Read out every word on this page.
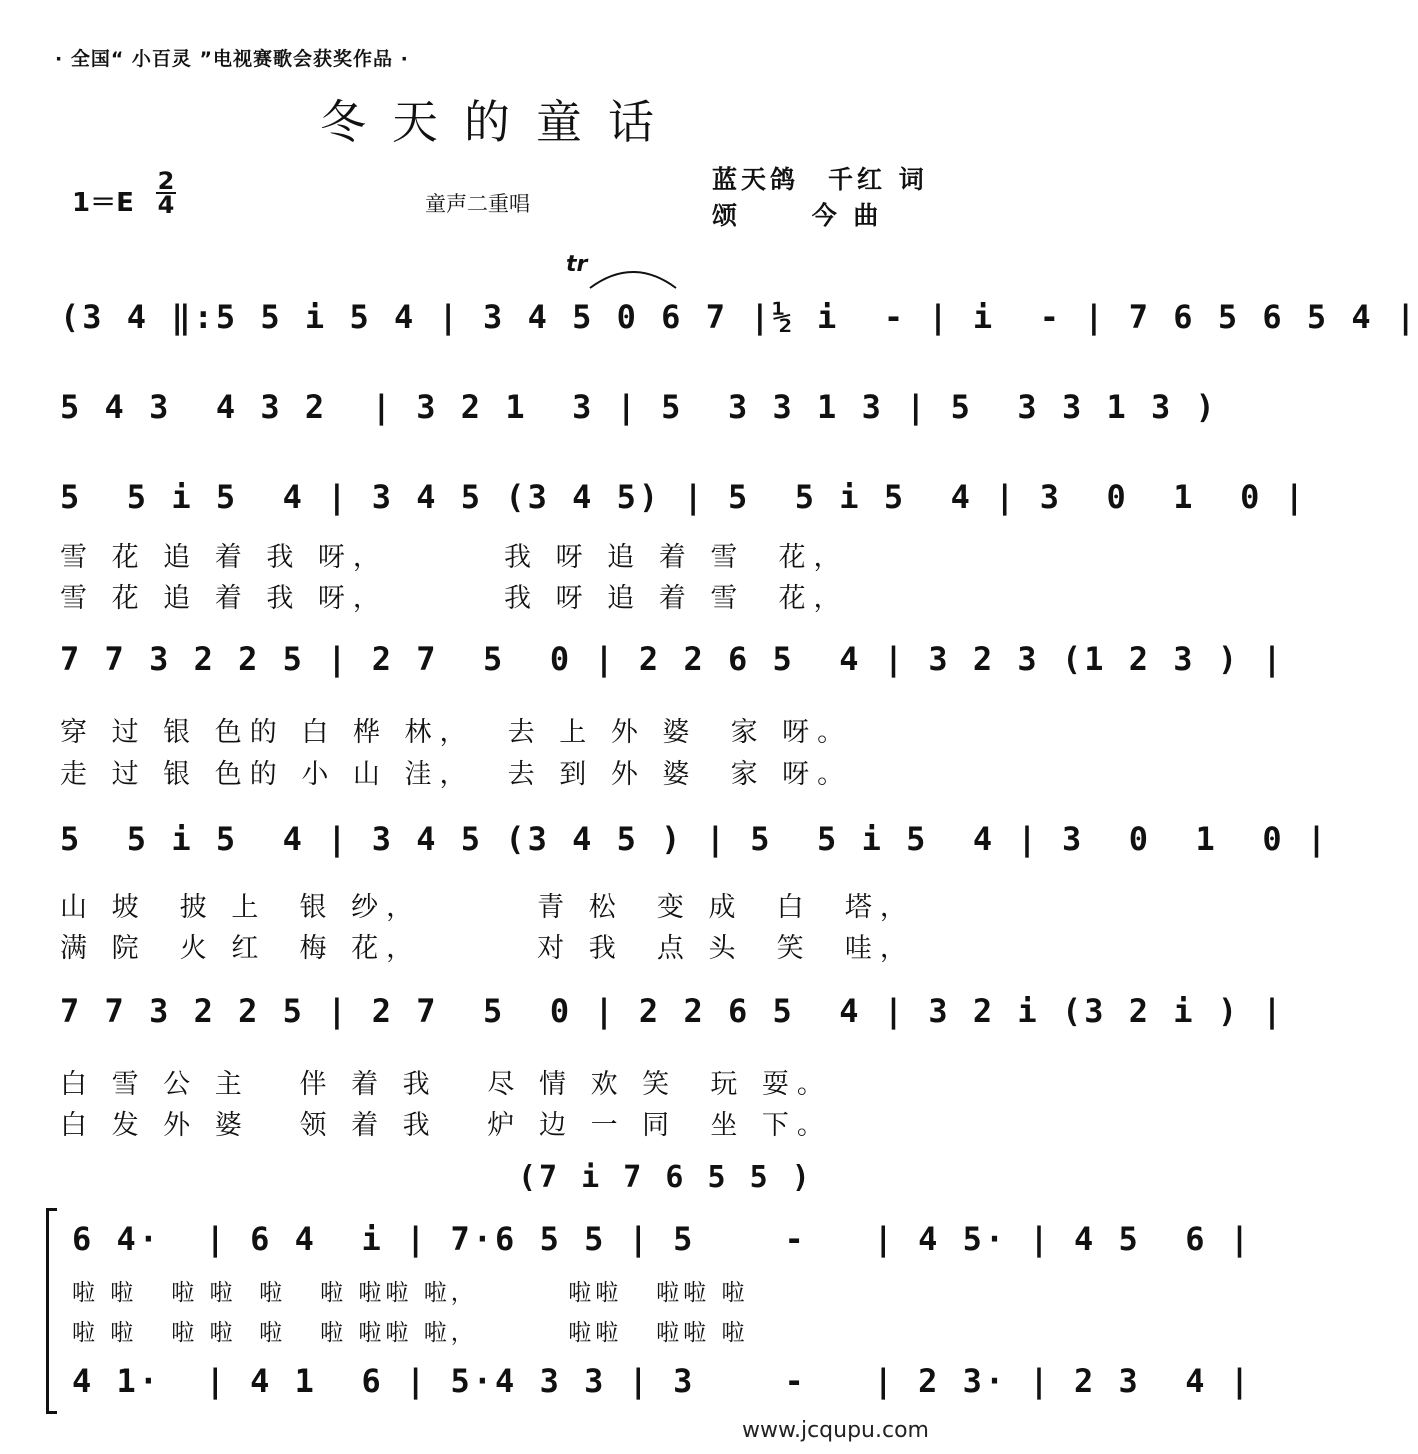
· 全国“ 小百灵 ”电视赛歌会获奖作品 ·
冬天的童话
$1=E \frac{2}{4}$	童声二重唱
蓝天鸽　千红 词
颂　　 今 曲
tr
(3 4 ‖:5 5 i 5 4 | 3 4 5 0 6 7 |½ i  - | i  - | 7 6 5 6 5 4 |
5 4 3  4 3 2  | 3 2 1  3 | 5  3 3 1 3 | 5  3 3 1 3 )
5  5 i 5  4 | 3 4 5 (3 4 5) | 5  5 i 5  4 | 3  0  1  0 |
雪 花 追 着 我 呀，       我 呀 追 着 雪  花，
雪 花 追 着 我 呀，       我 呀 追 着 雪  花，
7 7 3 2 2 5 | 2 7  5  0 | 2 2 6 5  4 | 3 2 3 (1 2 3 ) |
穿 过 银 色的 白 桦 林，  去 上 外 婆  家 呀。
走 过 银 色的 小 山 洼，  去 到 外 婆  家 呀。
5  5 i 5  4 | 3 4 5 (3 4 5 ) | 5  5 i 5  4 | 3  0  1  0 |
山 坡  披 上  银 纱，       青 松  变 成  白  塔，
满 院  火 红  梅 花，       对 我  点 头  笑  哇，
7 7 3 2 2 5 | 2 7  5  0 | 2 2 6 5  4 | 3 2 i (3 2 i ) |
白 雪 公 主   伴 着 我   尽 情 欢 笑  玩 耍。
白 发 外 婆   领 着 我   炉 边 一 同  坐 下。
(7 i 7 6 5 5 )
6 4·  | 6 4  i | 7·6 5 5 | 5    -   | 4 5· | 4 5  6 |
啦 啦   啦 啦  啦   啦 啦啦 啦，        啦啦   啦啦 啦
啦 啦   啦 啦  啦   啦 啦啦 啦，        啦啦   啦啦 啦
4 1·  | 4 1  6 | 5·4 3 3 | 3    -   | 2 3· | 2 3  4 |
www.jcqupu.com
